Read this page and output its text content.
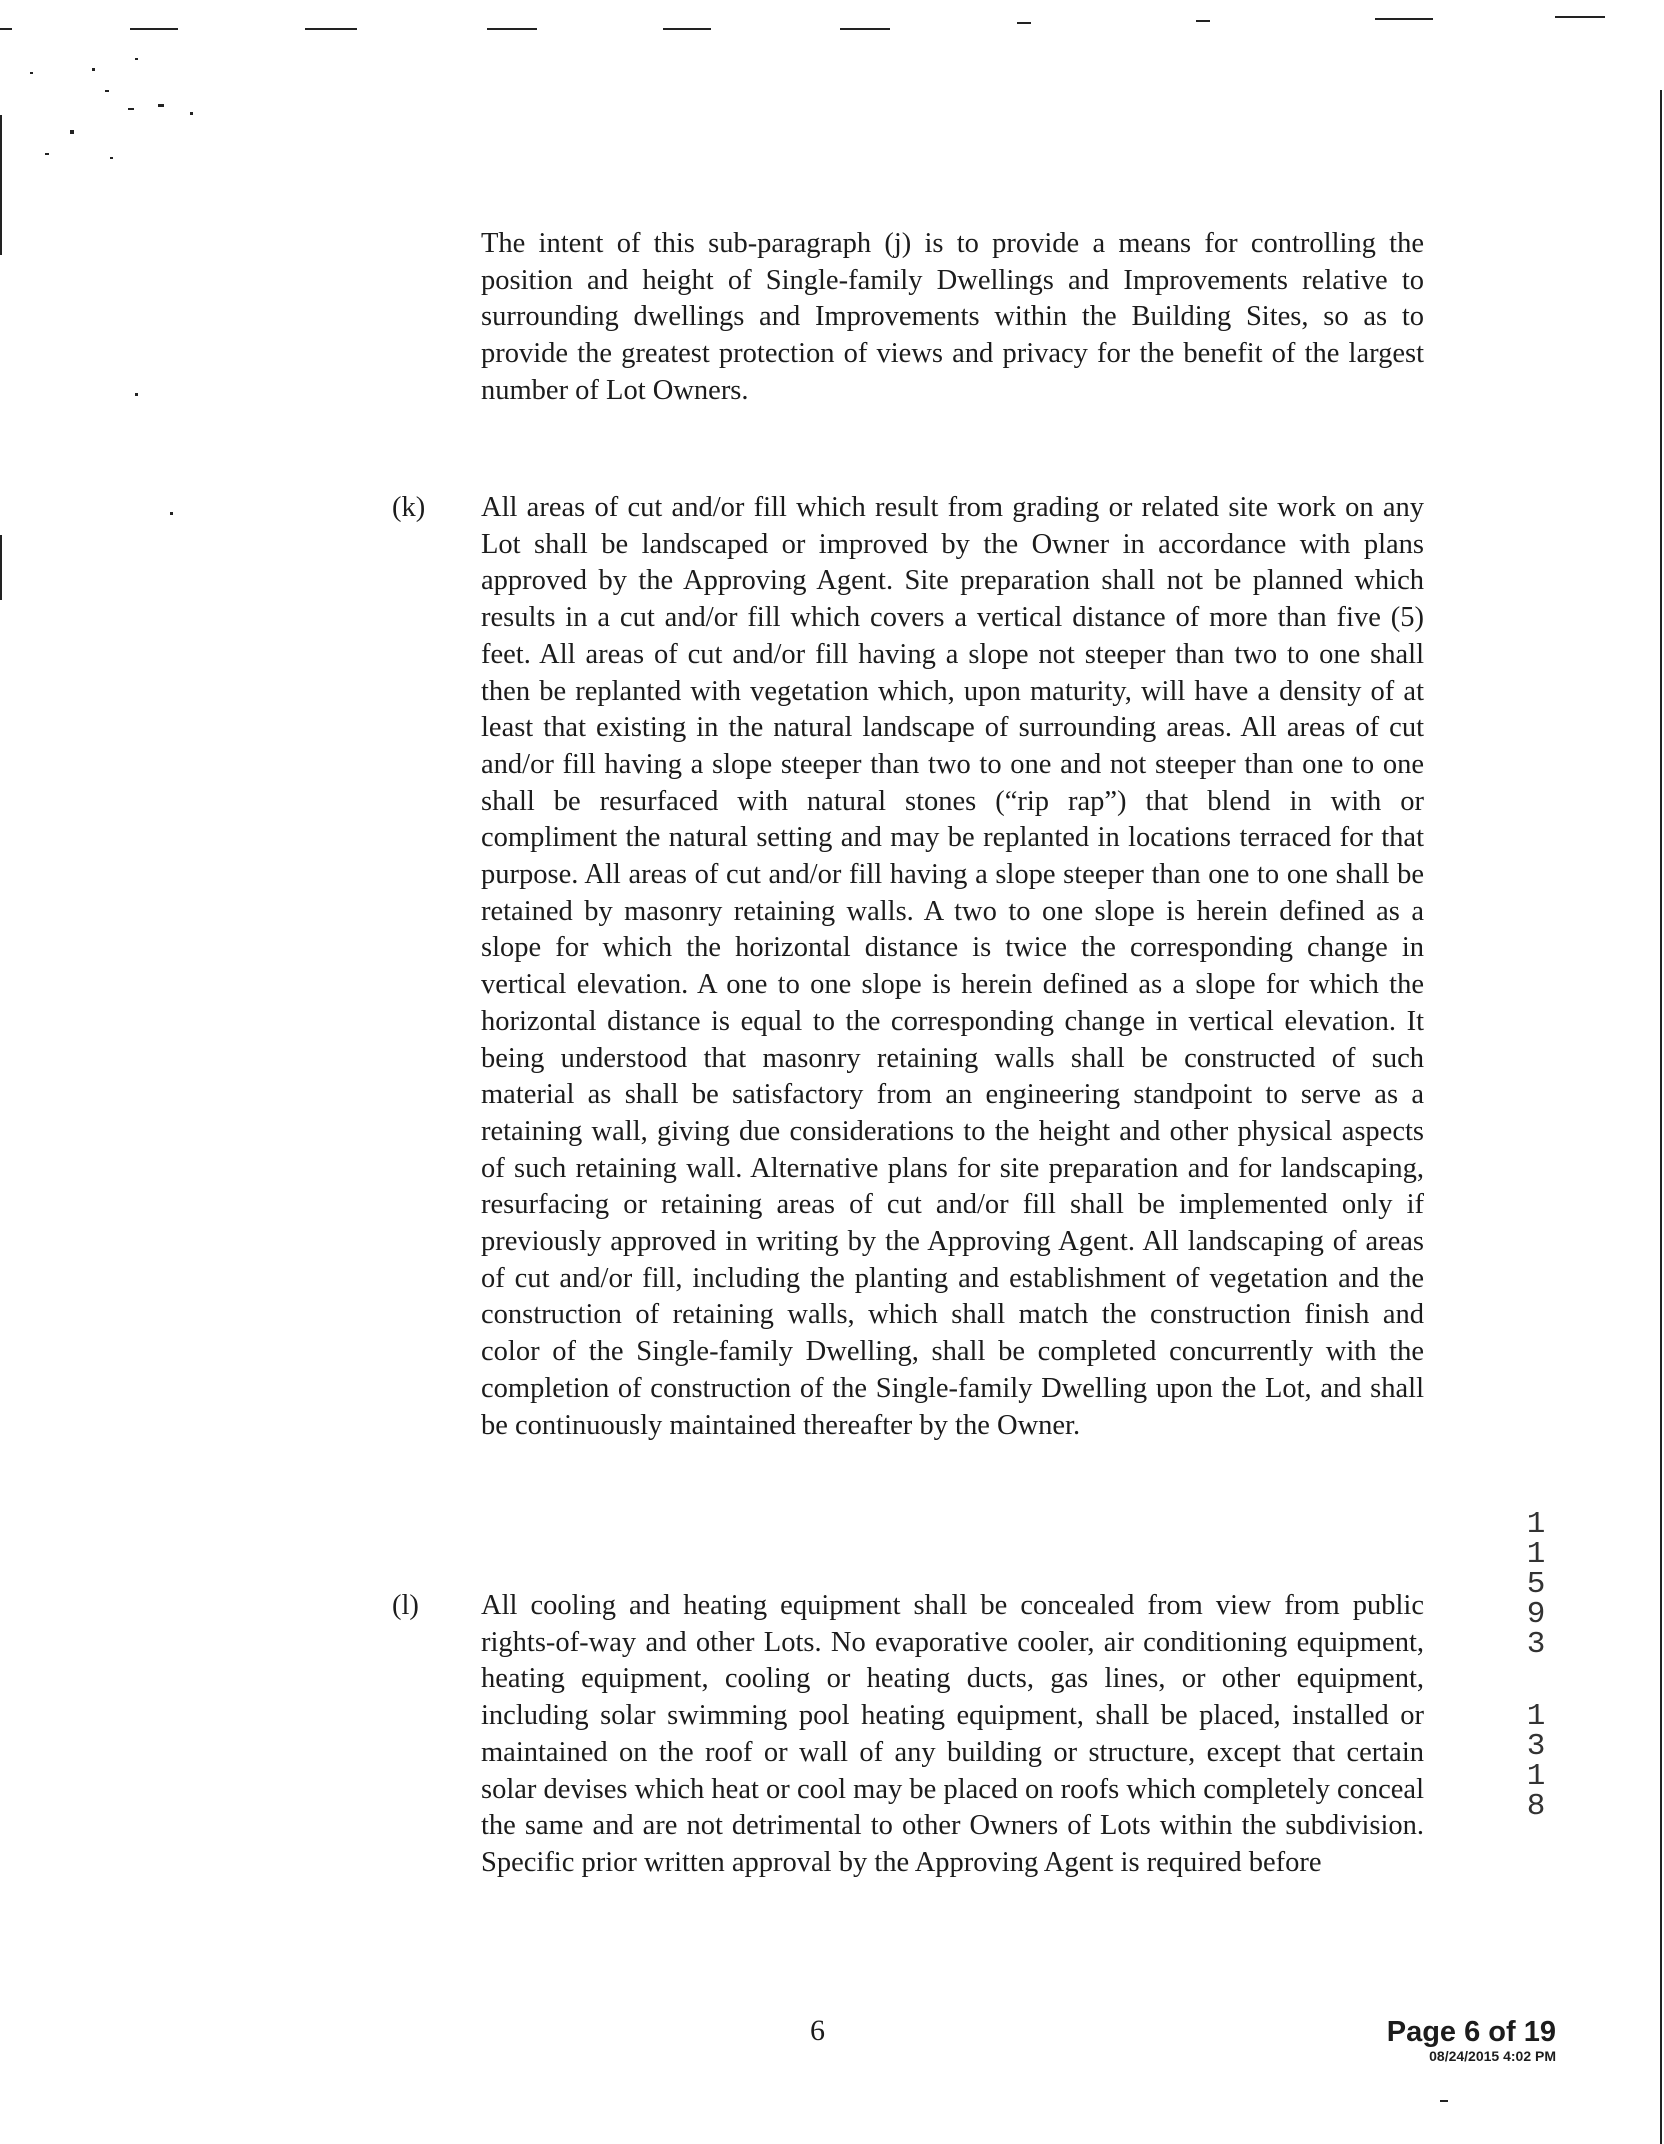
The intent of this sub-paragraph (j) is to provide a means for controlling the position and height of Single-family Dwellings and Improvements relative to surrounding dwellings and Improvements within the Building Sites, so as to provide the greatest protection of views and privacy for the benefit of the largest number of Lot Owners.

(k) All areas of cut and/or fill which result from grading or related site work on any Lot shall be landscaped or improved by the Owner in accordance with plans approved by the Approving Agent. Site preparation shall not be planned which results in a cut and/or fill which covers a vertical distance of more than five (5) feet. All areas of cut and/or fill having a slope not steeper than two to one shall then be replanted with vegetation which, upon maturity, will have a density of at least that existing in the natural landscape of surrounding areas. All areas of cut and/or fill having a slope steeper than two to one and not steeper than one to one shall be resurfaced with natural stones (“rip rap”) that blend in with or compliment the natural setting and may be replanted in locations terraced for that purpose. All areas of cut and/or fill having a slope steeper than one to one shall be retained by masonry retaining walls. A two to one slope is herein defined as a slope for which the horizontal distance is twice the corresponding change in vertical elevation. A one to one slope is herein defined as a slope for which the horizontal distance is equal to the corresponding change in vertical elevation. It being understood that masonry retaining walls shall be constructed of such material as shall be satisfactory from an engineering standpoint to serve as a retaining wall, giving due considerations to the height and other physical aspects of such retaining wall. Alternative plans for site preparation and for landscaping, resurfacing or retaining areas of cut and/or fill shall be implemented only if previously approved in writing by the Approving Agent. All landscaping of areas of cut and/or fill, including the planting and establishment of vegetation and the construction of retaining walls, which shall match the construction finish and color of the Single-family Dwelling, shall be completed concurrently with the completion of construction of the Single-family Dwelling upon the Lot, and shall be continuously maintained thereafter by the Owner.

(l) All cooling and heating equipment shall be concealed from view from public rights-of-way and other Lots. No evaporative cooler, air conditioning equipment, heating equipment, cooling or heating ducts, gas lines, or other equipment, including solar swimming pool heating equipment, shall be placed, installed or maintained on the roof or wall of any building or structure, except that certain solar devises which heat or cool may be placed on roofs which completely conceal the same and are not detrimental to other Owners of Lots within the subdivision. Specific prior written approval by the Approving Agent is required before

1
1
5
9
3
1
3
1
8
6	Page 6 of 19
08/24/2015 4:02 PM
